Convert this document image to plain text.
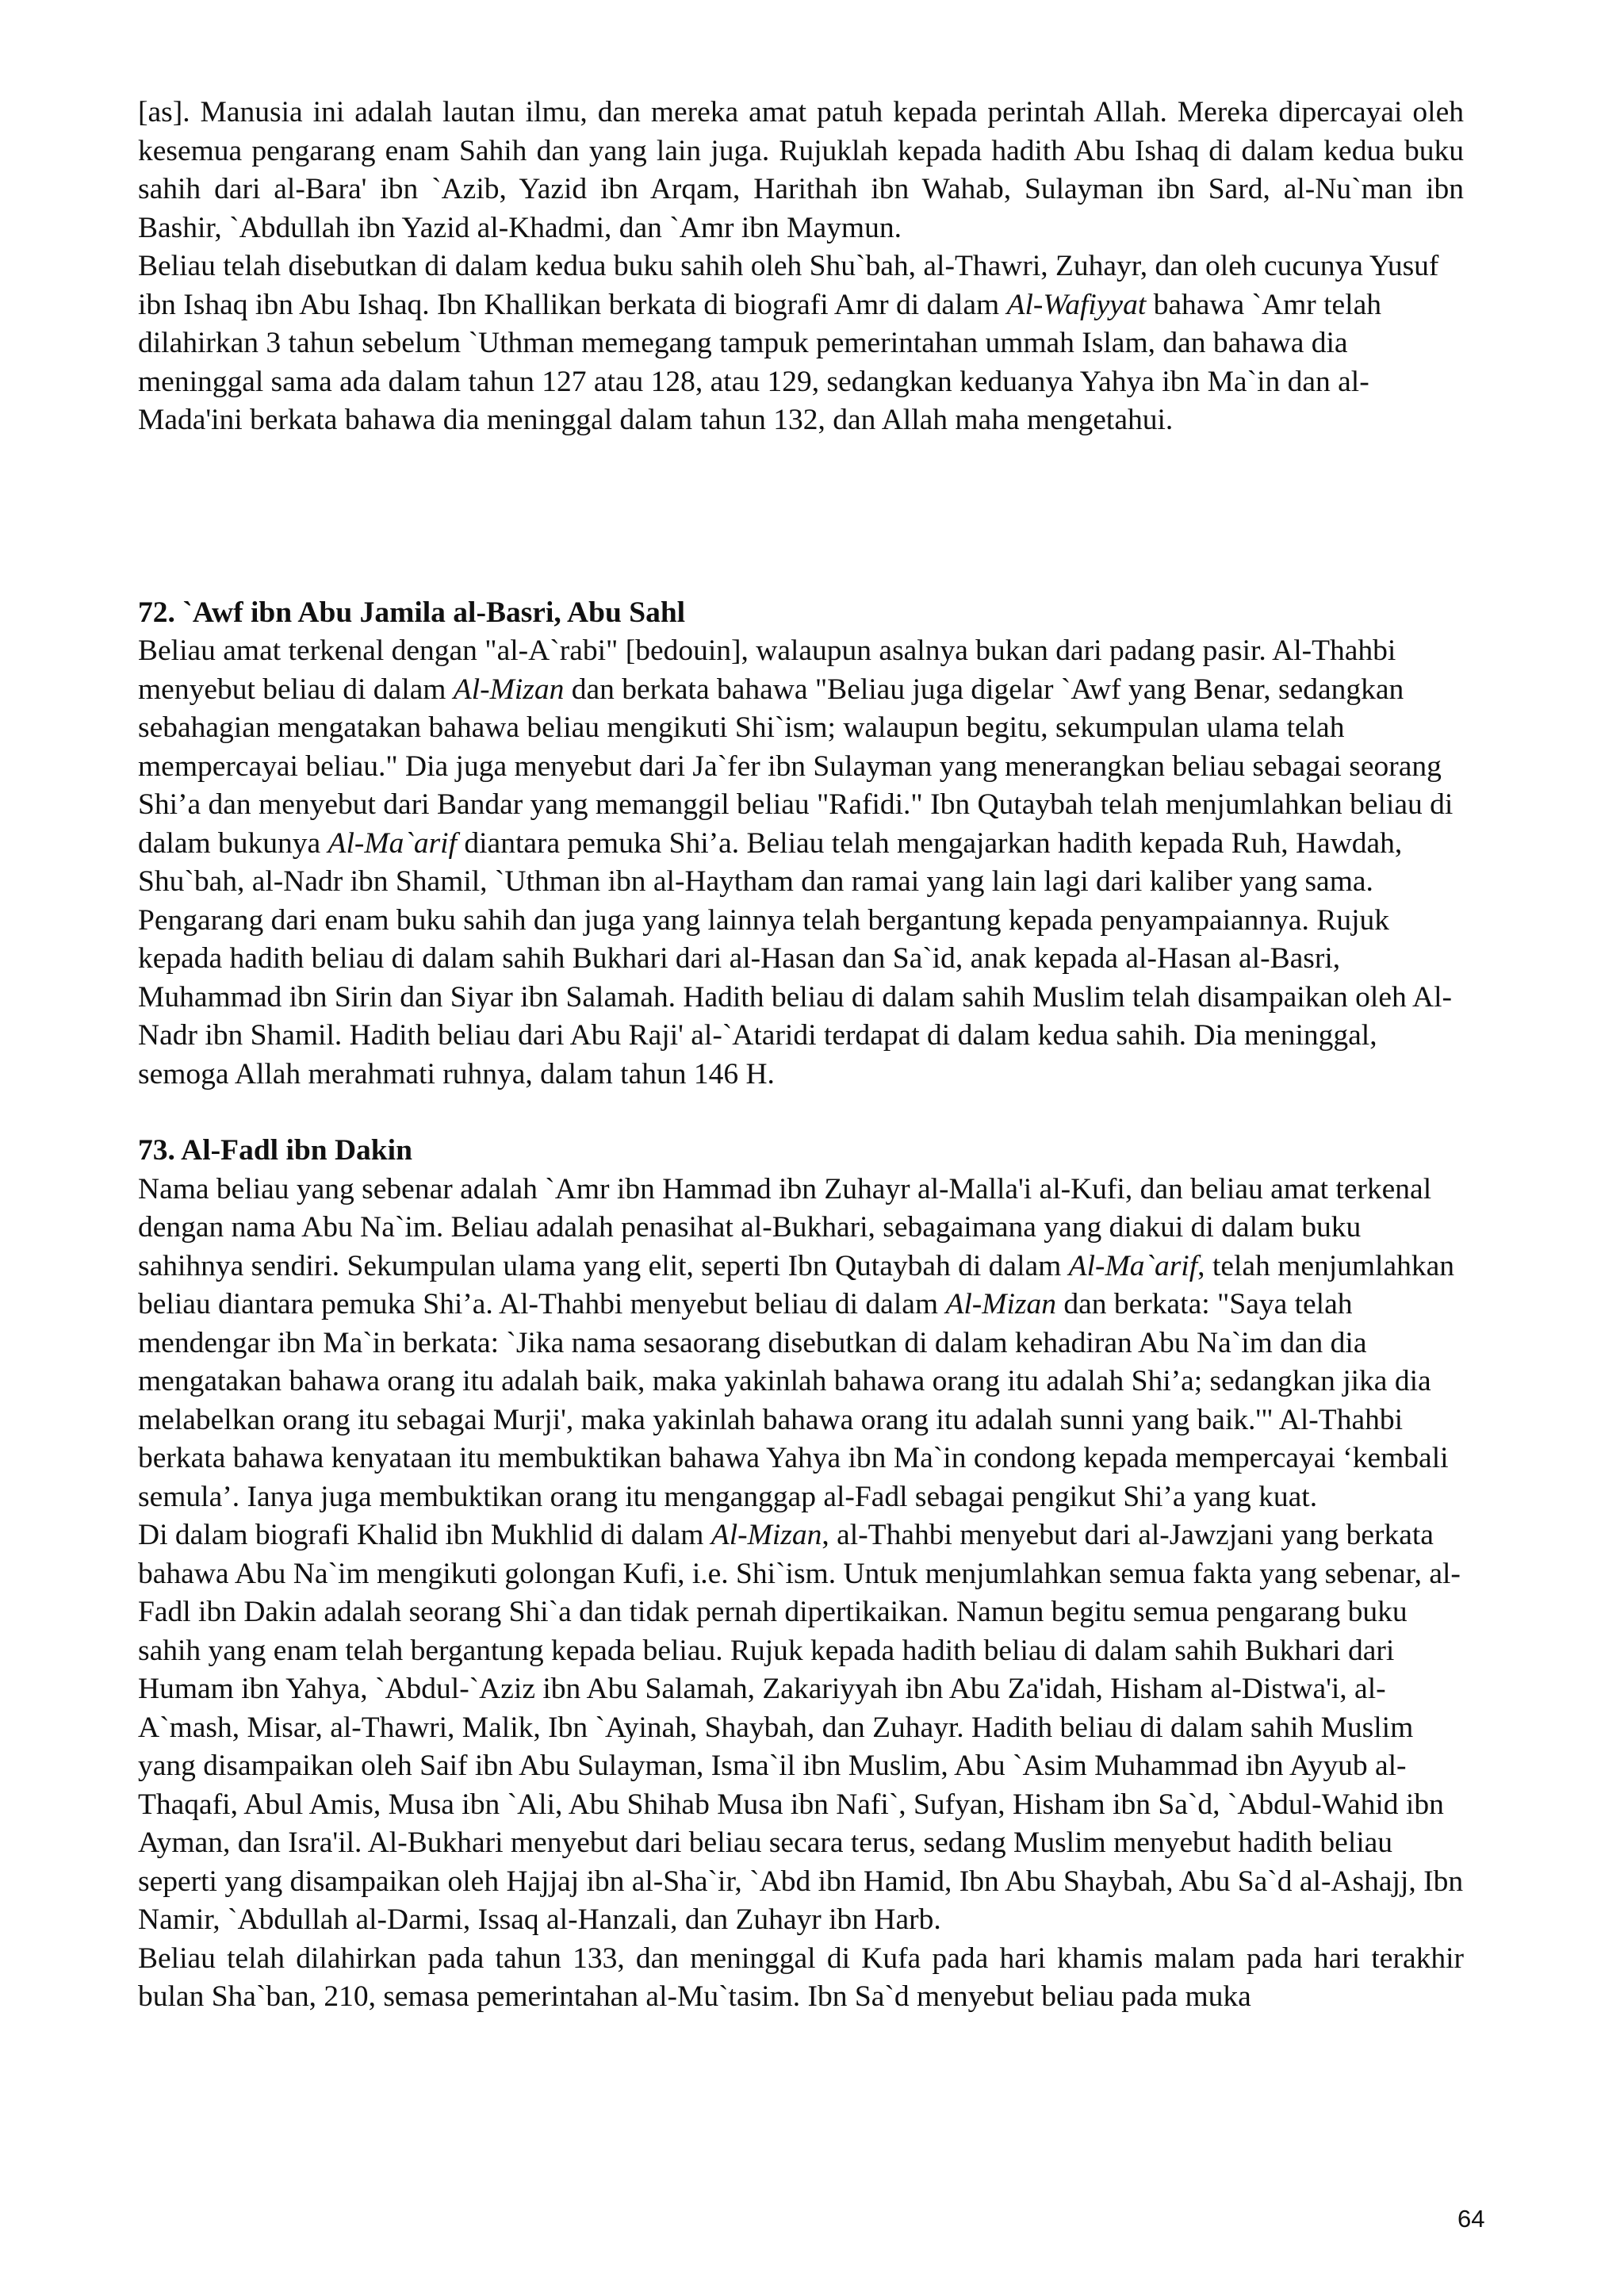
[as]. Manusia ini adalah lautan ilmu, dan mereka amat patuh kepada perintah Allah. Mereka dipercayai oleh kesemua pengarang enam Sahih dan yang lain juga. Rujuklah kepada hadith Abu Ishaq di dalam kedua buku sahih dari al-Bara' ibn `Azib, Yazid ibn Arqam, Harithah ibn Wahab, Sulayman ibn Sard, al-Nu`man ibn Bashir, `Abdullah ibn Yazid al-Khadmi, dan `Amr ibn Maymun.

Beliau telah disebutkan di dalam kedua buku sahih oleh Shu`bah, al-Thawri, Zuhayr, dan oleh cucunya Yusuf ibn Ishaq ibn Abu Ishaq. Ibn Khallikan berkata di biografi Amr di dalam Al-Wafiyyat bahawa `Amr telah dilahirkan 3 tahun sebelum `Uthman memegang tampuk pemerintahan ummah Islam, dan bahawa dia meninggal sama ada dalam tahun 127 atau 128, atau 129, sedangkan keduanya Yahya ibn Ma`in dan al-Mada'ini berkata bahawa dia meninggal dalam tahun 132, dan Allah maha mengetahui.

72. `Awf ibn Abu Jamila al-Basri, Abu Sahl

Beliau amat terkenal dengan "al-A`rabi" [bedouin], walaupun asalnya bukan dari padang pasir. Al-Thahbi menyebut beliau di dalam Al-Mizan dan berkata bahawa "Beliau juga digelar `Awf yang Benar, sedangkan sebahagian mengatakan bahawa beliau mengikuti Shi`ism; walaupun begitu, sekumpulan ulama telah mempercayai beliau." Dia juga menyebut dari Ja`fer ibn Sulayman yang menerangkan beliau sebagai seorang Shi’a dan menyebut dari Bandar yang memanggil beliau "Rafidi." Ibn Qutaybah telah menjumlahkan beliau di dalam bukunya Al-Ma`arif diantara pemuka Shi’a. Beliau telah mengajarkan hadith kepada Ruh, Hawdah, Shu`bah, al-Nadr ibn Shamil, `Uthman ibn al-Haytham dan ramai yang lain lagi dari kaliber yang sama. Pengarang dari enam buku sahih dan juga yang lainnya telah bergantung kepada penyampaiannya. Rujuk kepada hadith beliau di dalam sahih Bukhari dari al-Hasan dan Sa`id, anak kepada al-Hasan al-Basri, Muhammad ibn Sirin dan Siyar ibn Salamah. Hadith beliau di dalam sahih Muslim telah disampaikan oleh Al-Nadr ibn Shamil. Hadith beliau dari Abu Raji' al-`Ataridi terdapat di dalam kedua sahih. Dia meninggal, semoga Allah merahmati ruhnya, dalam tahun 146 H.

73. Al-Fadl ibn Dakin

Nama beliau yang sebenar adalah `Amr ibn Hammad ibn Zuhayr al-Malla'i al-Kufi, dan beliau amat terkenal dengan nama Abu Na`im. Beliau adalah penasihat al-Bukhari, sebagaimana yang diakui di dalam buku sahihnya sendiri. Sekumpulan ulama yang elit, seperti Ibn Qutaybah di dalam Al-Ma`arif, telah menjumlahkan beliau diantara pemuka Shi’a. Al-Thahbi menyebut beliau di dalam Al-Mizan dan berkata: "Saya telah mendengar ibn Ma`in berkata: `Jika nama sesaorang disebutkan di dalam kehadiran Abu Na`im dan dia mengatakan bahawa orang itu adalah baik, maka yakinlah bahawa orang itu adalah Shi’a; sedangkan jika dia melabelkan orang itu sebagai Murji', maka yakinlah bahawa orang itu adalah sunni yang baik.'" Al-Thahbi berkata bahawa kenyataan itu membuktikan bahawa Yahya ibn Ma`in condong kepada mempercayai ‘kembali semula’. Ianya juga membuktikan orang itu menganggap al-Fadl sebagai pengikut Shi’a yang kuat.

Di dalam biografi Khalid ibn Mukhlid di dalam Al-Mizan, al-Thahbi menyebut dari al-Jawzjani yang berkata bahawa Abu Na`im mengikuti golongan Kufi, i.e. Shi`ism. Untuk menjumlahkan semua fakta yang sebenar, al-Fadl ibn Dakin adalah seorang Shi`a dan tidak pernah dipertikaikan. Namun begitu semua pengarang buku sahih yang enam telah bergantung kepada beliau. Rujuk kepada hadith beliau di dalam sahih Bukhari dari Humam ibn Yahya, `Abdul-`Aziz ibn Abu Salamah, Zakariyyah ibn Abu Za'idah, Hisham al-Distwa'i, al-A`mash, Misar, al-Thawri, Malik, Ibn `Ayinah, Shaybah, dan Zuhayr. Hadith beliau di dalam sahih Muslim yang disampaikan oleh Saif ibn Abu Sulayman, Isma`il ibn Muslim, Abu `Asim Muhammad ibn Ayyub al-Thaqafi, Abul Amis, Musa ibn `Ali, Abu Shihab Musa ibn Nafi`, Sufyan, Hisham ibn Sa`d, `Abdul-Wahid ibn Ayman, dan Isra'il. Al-Bukhari menyebut dari beliau secara terus, sedang Muslim menyebut hadith beliau seperti yang disampaikan oleh Hajjaj ibn al-Sha`ir, `Abd ibn Hamid, Ibn Abu Shaybah, Abu Sa`d al-Ashajj, Ibn Namir, `Abdullah al-Darmi, Issaq al-Hanzali, dan Zuhayr ibn Harb.

Beliau telah dilahirkan pada tahun 133, dan meninggal di Kufa pada hari khamis malam pada hari terakhir bulan Sha`ban, 210, semasa pemerintahan al-Mu`tasim. Ibn Sa`d menyebut beliau pada muka

64
